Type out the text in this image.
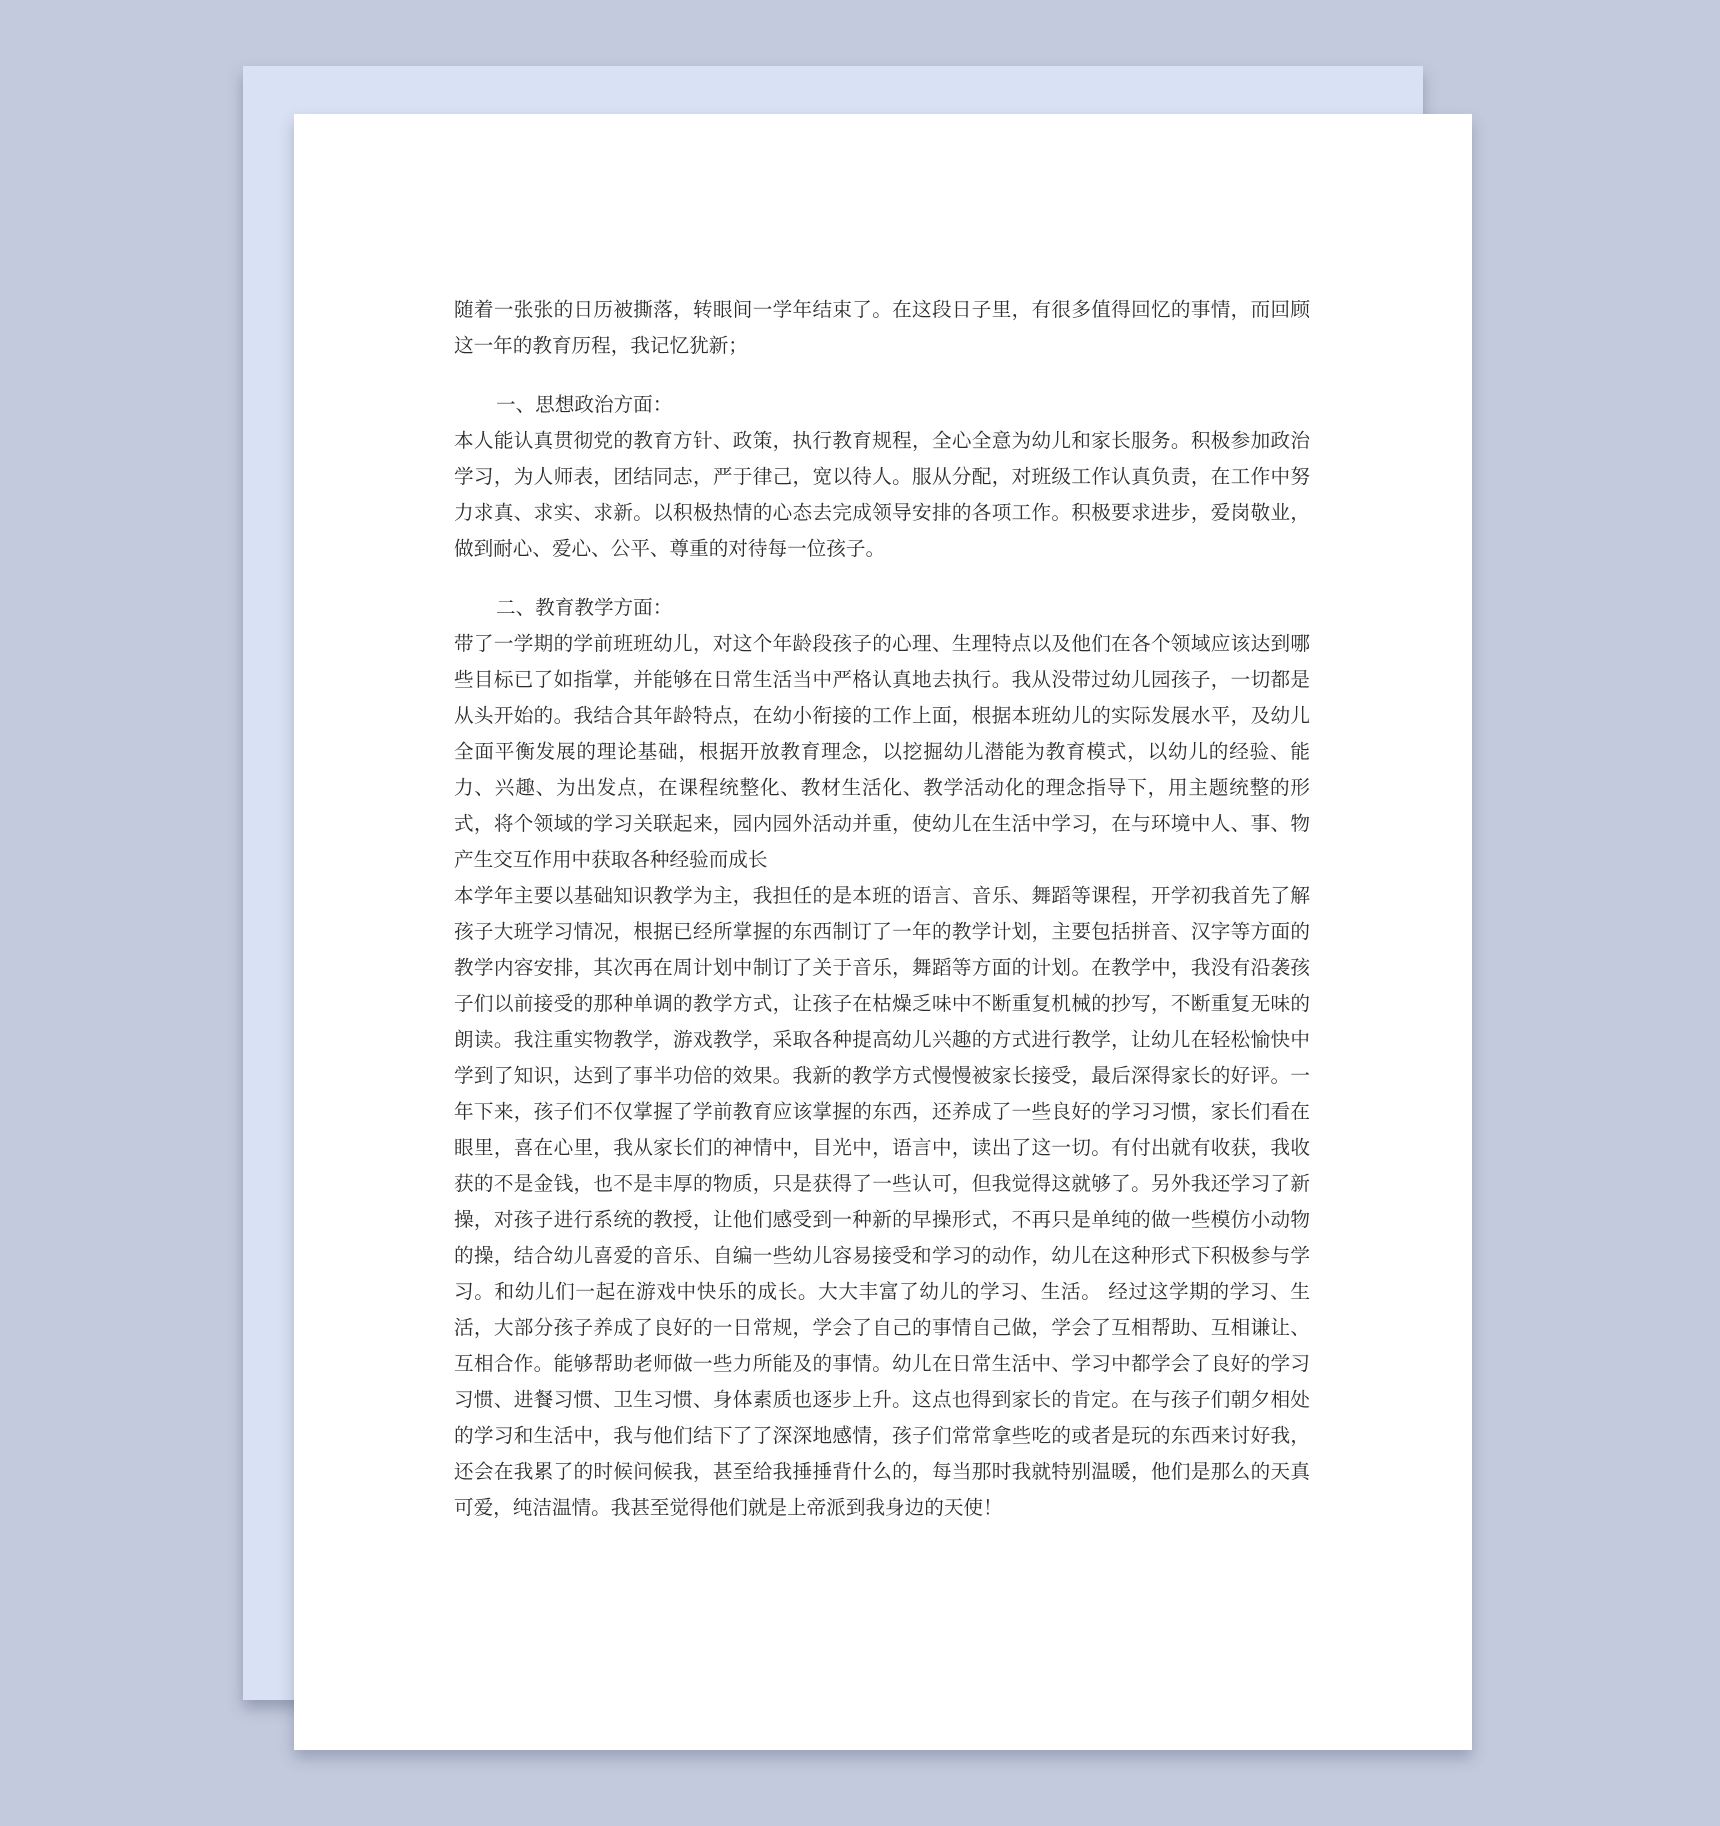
随着一张张的日历被撕落，转眼间一学年结束了。在这段日子里，有很多值得回忆的事情，而回顾这一年的教育历程，我记忆犹新；

一、思想政治方面：

本人能认真贯彻党的教育方针、政策，执行教育规程，全心全意为幼儿和家长服务。积极参加政治学习，为人师表，团结同志，严于律己，宽以待人。服从分配，对班级工作认真负责，在工作中努力求真、求实、求新。以积极热情的心态去完成领导安排的各项工作。积极要求进步，爱岗敬业，做到耐心、爱心、公平、尊重的对待每一位孩子。

二、教育教学方面：

带了一学期的学前班班幼儿，对这个年龄段孩子的心理、生理特点以及他们在各个领域应该达到哪些目标已了如指掌，并能够在日常生活当中严格认真地去执行。我从没带过幼儿园孩子，一切都是从头开始的。我结合其年龄特点，在幼小衔接的工作上面，根据本班幼儿的实际发展水平，及幼儿全面平衡发展的理论基础，根据开放教育理念，以挖掘幼儿潜能为教育模式，以幼儿的经验、能力、兴趣、为出发点，在课程统整化、教材生活化、教学活动化的理念指导下，用主题统整的形式，将个领域的学习关联起来，园内园外活动并重，使幼儿在生活中学习，在与环境中人、事、物产生交互作用中获取各种经验而成长

本学年主要以基础知识教学为主，我担任的是本班的语言、音乐、舞蹈等课程，开学初我首先了解孩子大班学习情况，根据已经所掌握的东西制订了一年的教学计划，主要包括拼音、汉字等方面的教学内容安排，其次再在周计划中制订了关于音乐，舞蹈等方面的计划。在教学中，我没有沿袭孩子们以前接受的那种单调的教学方式，让孩子在枯燥乏味中不断重复机械的抄写，不断重复无味的朗读。我注重实物教学，游戏教学，采取各种提高幼儿兴趣的方式进行教学，让幼儿在轻松愉快中学到了知识，达到了事半功倍的效果。我新的教学方式慢慢被家长接受，最后深得家长的好评。一年下来，孩子们不仅掌握了学前教育应该掌握的东西，还养成了一些良好的学习习惯，家长们看在眼里，喜在心里，我从家长们的神情中，目光中，语言中，读出了这一切。有付出就有收获，我收获的不是金钱，也不是丰厚的物质，只是获得了一些认可，但我觉得这就够了。另外我还学习了新操，对孩子进行系统的教授，让他们感受到一种新的早操形式，不再只是单纯的做一些模仿小动物的操，结合幼儿喜爱的音乐、自编一些幼儿容易接受和学习的动作，幼儿在这种形式下积极参与学习。和幼儿们一起在游戏中快乐的成长。大大丰富了幼儿的学习、生活。 经过这学期的学习、生活，大部分孩子养成了良好的一日常规，学会了自己的事情自己做，学会了互相帮助、互相谦让、互相合作。能够帮助老师做一些力所能及的事情。幼儿在日常生活中、学习中都学会了良好的学习习惯、进餐习惯、卫生习惯、身体素质也逐步上升。这点也得到家长的肯定。在与孩子们朝夕相处的学习和生活中，我与他们结下了了深深地感情，孩子们常常拿些吃的或者是玩的东西来讨好我，还会在我累了的时候问候我，甚至给我捶捶背什么的，每当那时我就特别温暖，他们是那么的天真可爱，纯洁温情。我甚至觉得他们就是上帝派到我身边的天使！
